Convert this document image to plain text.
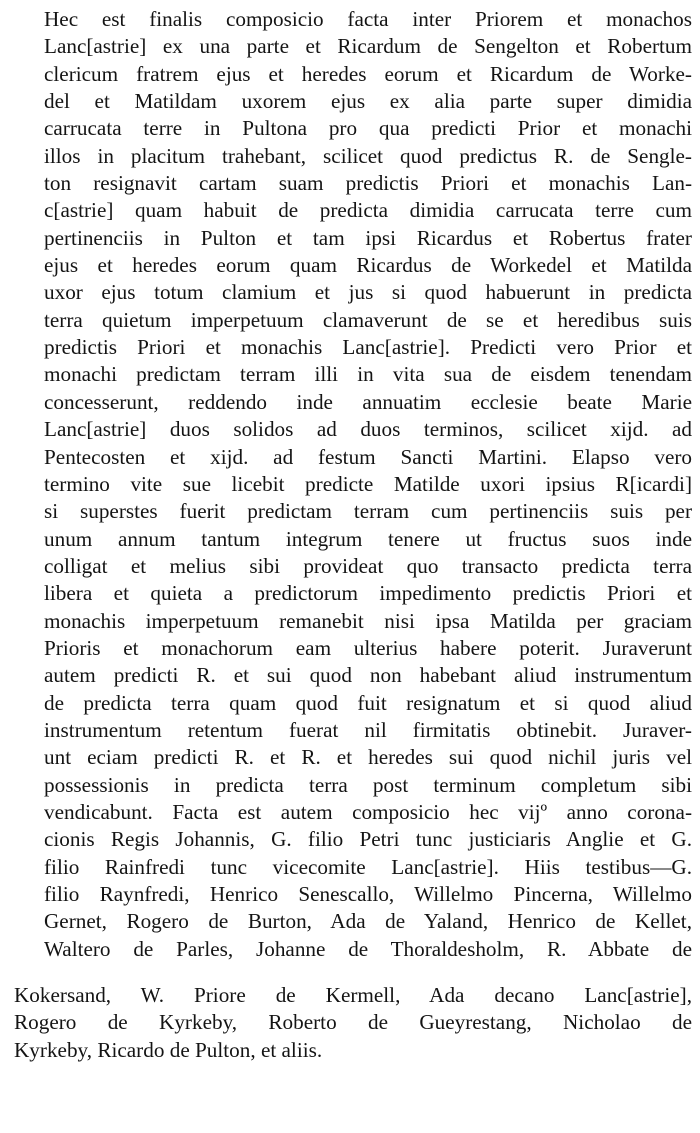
Hec est finalis composicio facta inter Priorem et monachos
Lanc[astrie] ex una parte et Ricardum de Sengelton et Robertum
clericum fratrem ejus et heredes eorum et Ricardum de Worke-
del et Matildam uxorem ejus ex alia parte super dimidia
carrucata terre in Pultona pro qua predicti Prior et monachi
illos in placitum trahebant, scilicet quod predictus R. de Sengle-
ton resignavit cartam suam predictis Priori et monachis Lan-
c[astrie] quam habuit de predicta dimidia carrucata terre cum
pertinenciis in Pulton et tam ipsi Ricardus et Robertus frater
ejus et heredes eorum quam Ricardus de Workedel et Matilda
uxor ejus totum clamium et jus si quod habuerunt in predicta
terra quietum imperpetuum clamaverunt de se et heredibus suis
predictis Priori et monachis Lanc[astrie]. Predicti vero Prior et
monachi predictam terram illi in vita sua de eisdem tenendam
concesserunt, reddendo inde annuatim ecclesie beate Marie
Lanc[astrie] duos solidos ad duos terminos, scilicet xijd. ad
Pentecosten et xijd. ad festum Sancti Martini. Elapso vero
termino vite sue licebit predicte Matilde uxori ipsius R[icardi]
si superstes fuerit predictam terram cum pertinenciis suis per
unum annum tantum integrum tenere ut fructus suos inde
colligat et melius sibi provideat quo transacto predicta terra
libera et quieta a predictorum impedimento predictis Priori et
monachis imperpetuum remanebit nisi ipsa Matilda per graciam
Prioris et monachorum eam ulterius habere poterit. Juraverunt
autem predicti R. et sui quod non habebant aliud instrumentum
de predicta terra quam quod fuit resignatum et si quod aliud
instrumentum retentum fuerat nil firmitatis obtinebit. Juraver-
unt eciam predicti R. et R. et heredes sui quod nichil juris vel
possessionis in predicta terra post terminum completum sibi
vendicabunt. Facta est autem composicio hec vijº anno corona-
cionis Regis Johannis, G. filio Petri tunc justiciaris Anglie et G.
filio Rainfredi tunc vicecomite Lanc[astrie]. Hiis testibus—G.
filio Raynfredi, Henrico Senescallo, Willelmo Pincerna, Willelmo
Gernet, Rogero de Burton, Ada de Yaland, Henrico de Kellet,
Waltero de Parles, Johanne de Thoraldesholm, R. Abbate de
Kokersand, W. Priore de Kermell, Ada decano Lanc[astrie],
Rogero de Kyrkeby, Roberto de Gueyrestang, Nicholao de
Kyrkeby, Ricardo de Pulton, et aliis.
